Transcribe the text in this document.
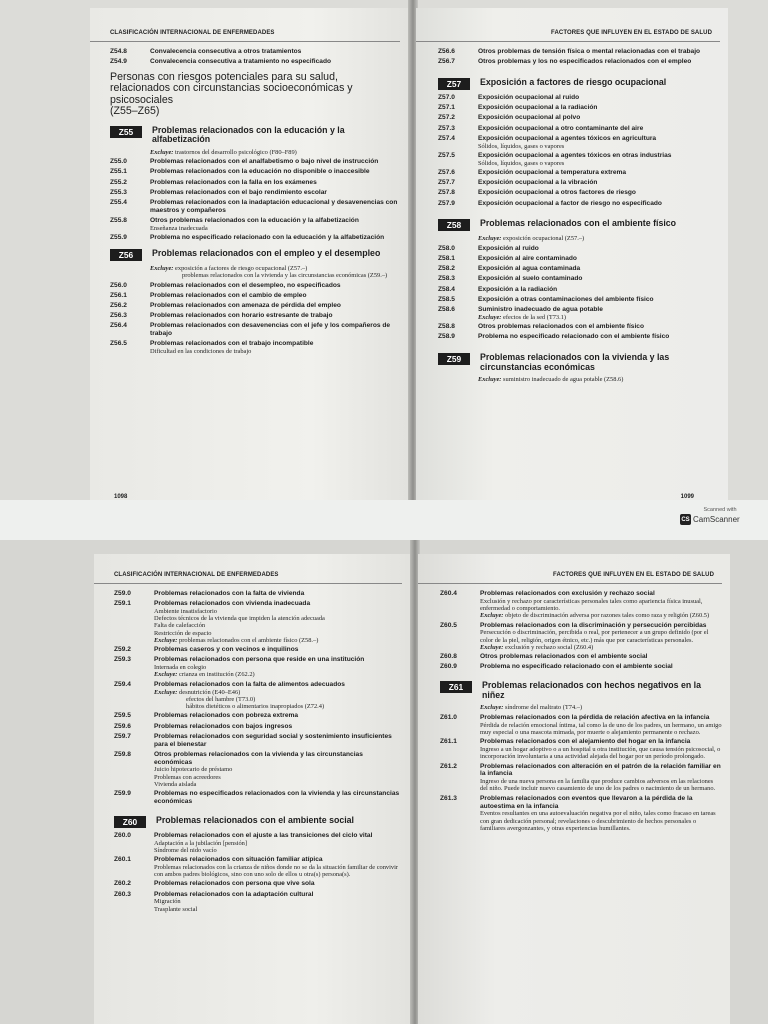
CLASIFICACIÓN INTERNACIONAL DE ENFERMEDADES
Z54.8	Convalecencia consecutiva a otros tratamientos
Z54.9	Convalecencia consecutiva a tratamiento no especificado
Personas con riesgos potenciales para su salud, relacionados con circunstancias socioeconómicas y psicosociales
(Z55–Z65)
Z55	Problemas relacionados con la educación y la alfabetización
Excluye: trastornos del desarrollo psicológico (F80–F89)
Z55.0	Problemas relacionados con el analfabetismo o bajo nivel de instrucción
Z55.1	Problemas relacionados con la educación no disponible o inaccesible
Z55.2	Problemas relacionados con la falla en los exámenes
Z55.3	Problemas relacionados con el bajo rendimiento escolar
Z55.4	Problemas relacionados con la inadaptación educacional y desavenencias con maestros y compañeros
Z55.8	Otros problemas relacionados con la educación y la alfabetización
Enseñanza inadecuada
Z55.9	Problema no especificado relacionado con la educación y la alfabetización
Z56	Problemas relacionados con el empleo y el desempleo
Excluye: exposición a factores de riesgo ocupacional (Z57.–)
problemas relacionados con la vivienda y las circunstancias económicas (Z59.–)
Z56.0	Problemas relacionados con el desempleo, no especificados
Z56.1	Problemas relacionados con el cambio de empleo
Z56.2	Problemas relacionados con amenaza de pérdida del empleo
Z56.3	Problemas relacionados con horario estresante de trabajo
Z56.4	Problemas relacionados con desavenencias con el jefe y los compañeros de trabajo
Z56.5	Problemas relacionados con el trabajo incompatible
Dificultad en las condiciones de trabajo
1098
FACTORES QUE INFLUYEN EN EL ESTADO DE SALUD
Z56.6	Otros problemas de tensión física o mental relacionadas con el trabajo
Z56.7	Otros problemas y los no especificados relacionados con el empleo
Z57	Exposición a factores de riesgo ocupacional
Z57.0	Exposición ocupacional al ruido
Z57.1	Exposición ocupacional a la radiación
Z57.2	Exposición ocupacional al polvo
Z57.3	Exposición ocupacional a otro contaminante del aire
Z57.4	Exposición ocupacional a agentes tóxicos en agricultura
Sólidos, líquidos, gases o vapores
Z57.5	Exposición ocupacional a agentes tóxicos en otras industrias
Sólidos, líquidos, gases o vapores
Z57.6	Exposición ocupacional a temperatura extrema
Z57.7	Exposición ocupacional a la vibración
Z57.8	Exposición ocupacional a otros factores de riesgo
Z57.9	Exposición ocupacional a factor de riesgo no especificado
Z58	Problemas relacionados con el ambiente físico
Excluye: exposición ocupacional (Z57.–)
Z58.0	Exposición al ruido
Z58.1	Exposición al aire contaminado
Z58.2	Exposición al agua contaminada
Z58.3	Exposición al suelo contaminado
Z58.4	Exposición a la radiación
Z58.5	Exposición a otras contaminaciones del ambiente físico
Z58.6	Suministro inadecuado de agua potable
Excluye: efectos de la sed (T73.1)
Z58.8	Otros problemas relacionados con el ambiente físico
Z58.9	Problema no especificado relacionado con el ambiente físico
Z59	Problemas relacionados con la vivienda y las circunstancias económicas
Excluye: suministro inadecuado de agua potable (Z58.6)
1099
Scanned with
CS CamScanner
CLASIFICACIÓN INTERNACIONAL DE ENFERMEDADES
Z59.0	Problemas relacionados con la falta de vivienda
Z59.1	Problemas relacionados con vivienda inadecuada
Ambiente insatisfactorio
Defectos técnicos de la vivienda que impiden la atención adecuada
Falta de calefacción
Restricción de espacio
Excluye: problemas relacionados con el ambiente físico (Z58.–)
Z59.2	Problemas caseros y con vecinos e inquilinos
Z59.3	Problemas relacionados con persona que reside en una institución
Internada en colegio
Excluye: crianza en institución (Z62.2)
Z59.4	Problemas relacionados con la falta de alimentos adecuados
Excluye: desnutrición (E40–E46)
efectos del hambre (T73.0)
hábitos dietéticos o alimentarios inapropiados (Z72.4)
Z59.5	Problemas relacionados con pobreza extrema
Z59.6	Problemas relacionados con bajos ingresos
Z59.7	Problemas relacionados con seguridad social y sostenimiento insuficientes para el bienestar
Z59.8	Otros problemas relacionados con la vivienda y las circunstancias económicas
Juicio hipotecario de préstamo
Problemas con acreedores
Vivienda aislada
Z59.9	Problemas no especificados relacionados con la vivienda y las circunstancias económicas
Z60	Problemas relacionados con el ambiente social
Z60.0	Problemas relacionados con el ajuste a las transiciones del ciclo vital
Adaptación a la jubilación [pensión]
Síndrome del nido vacío
Z60.1	Problemas relacionados con situación familiar atípica
Problemas relacionados con la crianza de niños donde no se da la situación familiar de convivir con ambos padres biológicos, sino con uno solo de ellos u otra(s) persona(s).
Z60.2	Problemas relacionados con persona que vive sola
Z60.3	Problemas relacionados con la adaptación cultural
Migración
Trasplante social
FACTORES QUE INFLUYEN EN EL ESTADO DE SALUD
Z60.4	Problemas relacionados con exclusión y rechazo social
Exclusión y rechazo por características personales tales como apariencia física inusual, enfermedad o comportamiento.
Excluye: objeto de discriminación adversa por razones tales como raza y religión (Z60.5)
Z60.5	Problemas relacionados con la discriminación y persecución percibidas
Persecución o discriminación, percibida o real, por pertenecer a un grupo definido (por el color de la piel, religión, origen étnico, etc.) más que por características personales.
Excluye: exclusión y rechazo social (Z60.4)
Z60.8	Otros problemas relacionados con el ambiente social
Z60.9	Problema no especificado relacionado con el ambiente social
Z61	Problemas relacionados con hechos negativos en la niñez
Excluye: síndrome del maltrato (T74.–)
Z61.0	Problemas relacionados con la pérdida de relación afectiva en la infancia
Pérdida de relación emocional íntima, tal como la de uno de los padres, un hermano, un amigo muy especial o una mascota mimada, por muerte o alejamiento permanente o rechazo.
Z61.1	Problemas relacionados con el alejamiento del hogar en la infancia
Ingreso a un hogar adoptivo o a un hospital u otra institución, que causa tensión psicosocial, o incorporación involuntaria a una actividad alejada del hogar por un período prolongado.
Z61.2	Problemas relacionados con alteración en el patrón de la relación familiar en la infancia
Ingreso de una nueva persona en la familia que produce cambios adversos en las relaciones del niño. Puede incluir nuevo casamiento de uno de los padres o nacimiento de un hermano.
Z61.3	Problemas relacionados con eventos que llevaron a la pérdida de la autoestima en la infancia
Eventos resultantes en una autoevaluación negativa por el niño, tales como fracaso en tareas con gran dedicación personal; revelaciones o descubrimiento de hechos personales o familiares avergonzantes, y otras experiencias humillantes.
